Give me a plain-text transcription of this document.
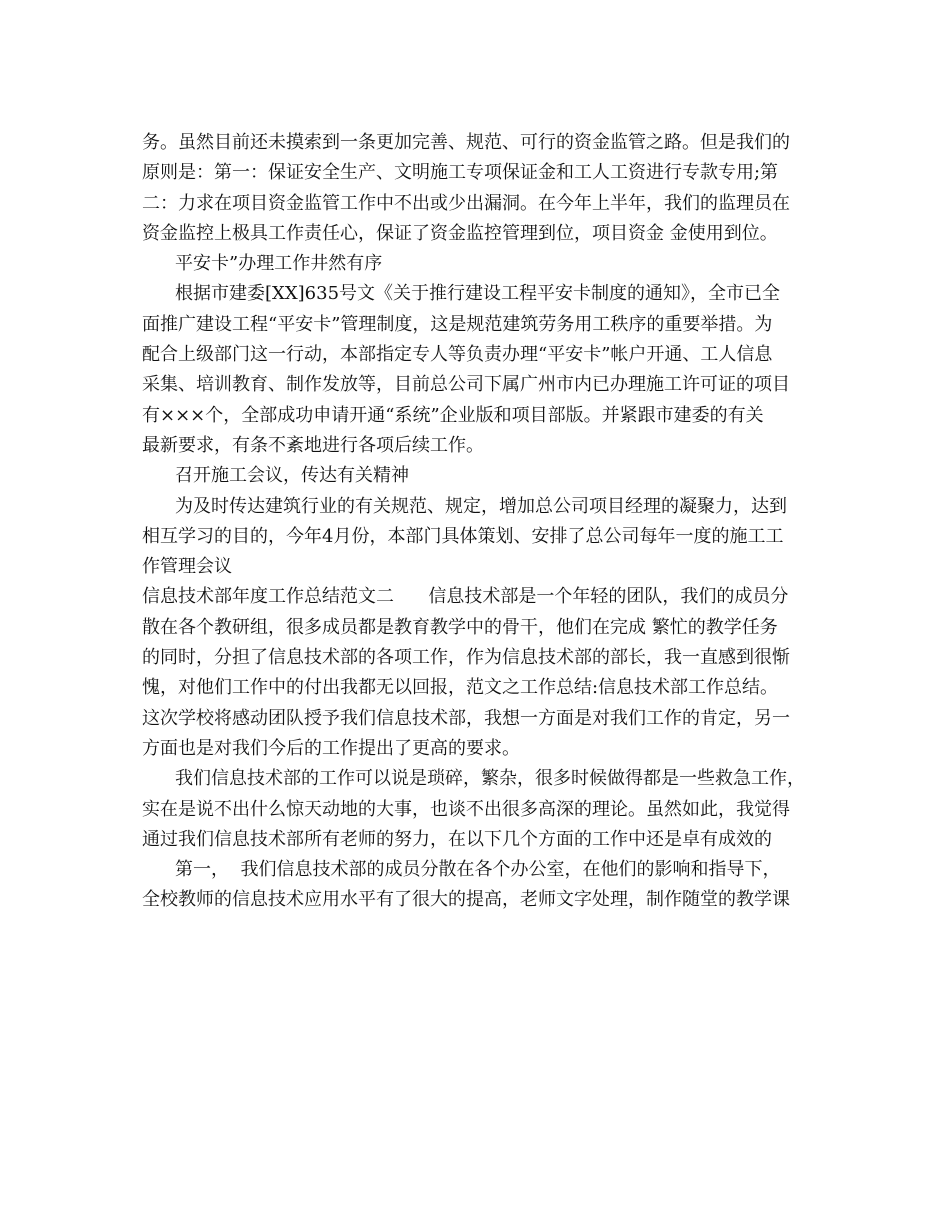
务。虽然目前还未摸索到一条更加完善、规范、可行的资金监管之路。但是我们的
原则是：第一：保证安全生产、文明施工专项保证金和工人工资进行专款专用;第
二：力求在项目资金监管工作中不出或少出漏洞。在今年上半年，我们的监理员在
资金监控上极具工作责任心，保证了资金监控管理到位，项目资金 金使用到位。
平安卡”办理工作井然有序
根据市建委[XX]635号文《关于推行建设工程平安卡制度的通知》，全市已全
面推广建设工程“平安卡”管理制度，这是规范建筑劳务用工秩序的重要举措。为
配合上级部门这一行动，本部指定专人等负责办理“平安卡”帐户开通、工人信息
采集、培训教育、制作发放等，目前总公司下属广州市内已办理施工许可证的项目
有×××个，全部成功申请开通“系统”企业版和项目部版。并紧跟市建委的有关
最新要求，有条不紊地进行各项后续工作。
召开施工会议，传达有关精神
为及时传达建筑行业的有关规范、规定，增加总公司项目经理的凝聚力，达到
相互学习的目的，今年4月份，本部门具体策划、安排了总公司每年一度的施工工
作管理会议
信息技术部年度工作总结范文二      信息技术部是一个年轻的团队，我们的成员分
散在各个教研组，很多成员都是教育教学中的骨干，他们在完成 繁忙的教学任务
的同时，分担了信息技术部的各项工作，作为信息技术部的部长，我一直感到很惭
愧，对他们工作中的付出我都无以回报，范文之工作总结:信息技术部工作总结。
这次学校将感动团队授予我们信息技术部，我想一方面是对我们工作的肯定，另一
方面也是对我们今后的工作提出了更高的要求。
我们信息技术部的工作可以说是琐碎，繁杂，很多时候做得都是一些救急工作，
实在是说不出什么惊天动地的大事，也谈不出很多高深的理论。虽然如此，我觉得
通过我们信息技术部所有老师的努力，在以下几个方面的工作中还是卓有成效的
第一，  我们信息技术部的成员分散在各个办公室，在他们的影响和指导下，
全校教师的信息技术应用水平有了很大的提高，老师文字处理，制作随堂的教学课
